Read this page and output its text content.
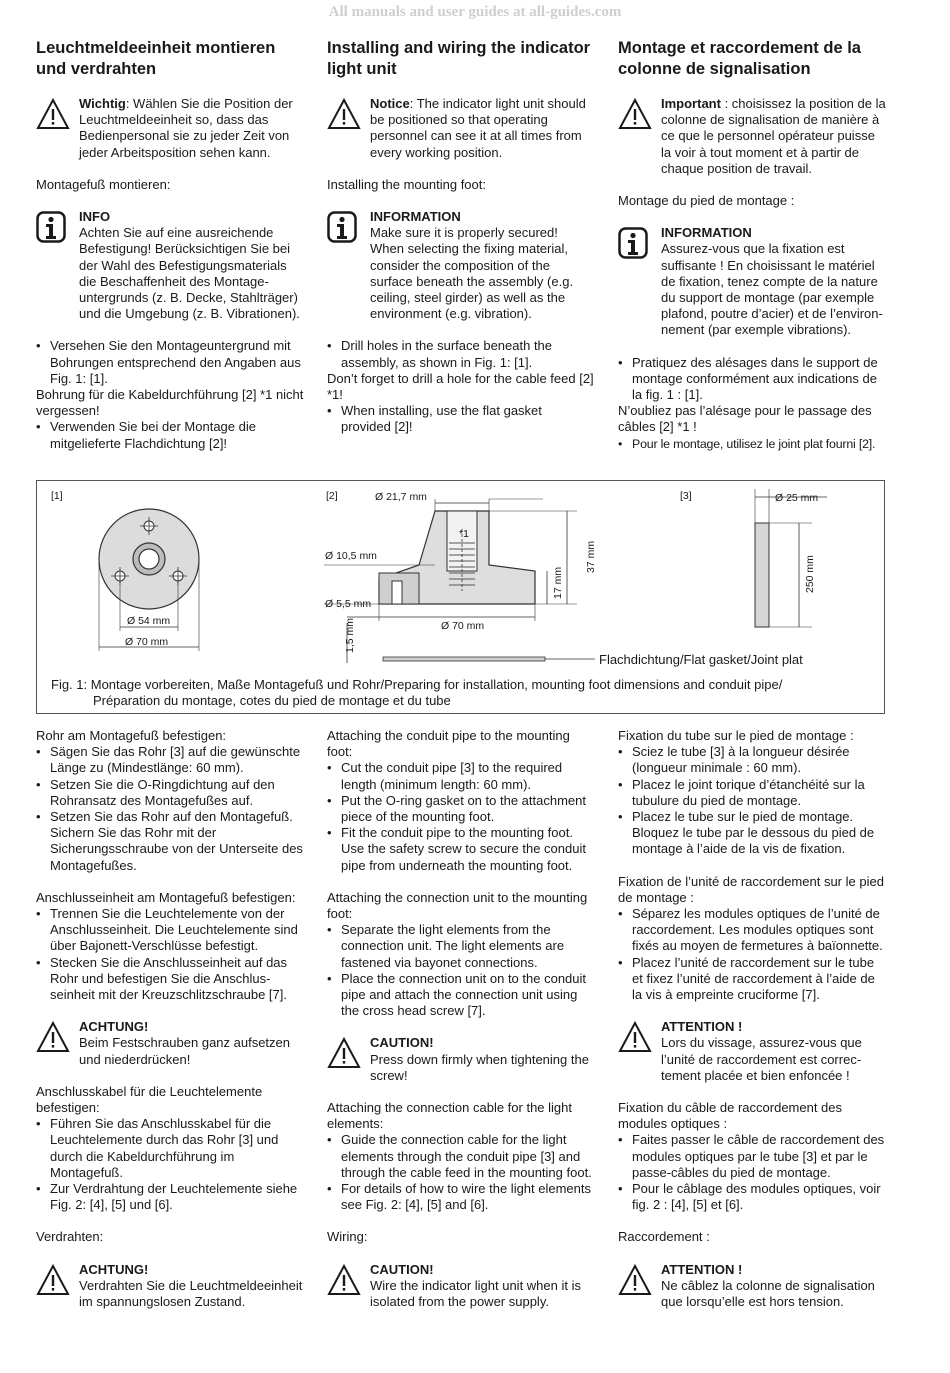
All manuals and user guides at all-guides.com
Leuchtmeldeeinheit montieren und verdrahten

Wichtig: Wählen Sie die Position der Leuchtmeldeeinheit so, dass das Bedienpersonal sie zu jeder Zeit von jeder Arbeitsposition sehen kann.

Montagefuß montieren:

INFO

Achten Sie auf eine ausreichende Befestigung! Berücksichtigen Sie bei der Wahl des Befestigungsmaterials die Beschaffenheit des Montageuntergrunds (z. B. Decke, Stahlträger) und die Umgebung (z. B. Vibrationen).

• Versehen Sie den Montageuntergrund mit Bohrungen entsprechend den Angaben aus Fig. 1: [1].

Bohrung für die Kabeldurchführung [2] *1 nicht vergessen!

• Verwenden Sie bei der Montage die mitgelieferte Flachdichtung [2]!
Installing and wiring the indicator light unit

Notice: The indicator light unit should be positioned so that operating personnel can see it at all times from every working position.

Installing the mounting foot:

INFORMATION

Make sure it is properly secured! When selecting the fixing material, consider the composition of the surface beneath the assembly (e.g. ceiling, steel girder) as well as the environment (e.g. vibration).

• Drill holes in the surface beneath the assembly, as shown in Fig. 1: [1].

Don’t forget to drill a hole for the cable feed [2] *1!

• When installing, use the flat gasket provided [2]!
Montage et raccordement de la colonne de signalisation

Important : choisissez la position de la colonne de signalisation de manière à ce que le personnel opérateur puisse la voir à tout moment et à partir de chaque position de travail.

Montage du pied de montage :

INFORMATION

Assurez-vous que la fixation est suffisante ! En choisissant le matériel de fixation, tenez compte de la nature du support de montage (par exemple plafond, poutre d’acier) et de l’environnement (par exemple vibrations).

• Pratiquez des alésages dans le support de montage conformément aux indications de la fig. 1 : [1].

N’oubliez pas l’alésage pour le passage des câbles [2] *1 !

• Pour le montage, utilisez le joint plat fourni [2].
[1]
Ø 54 mm
Ø 70 mm
[2]	Ø 21,7 mm
*1
Ø 10,5 mm
Ø 5,5 mm
Ø 70 mm
37 mm
17 mm
1,5 mm
Flachdichtung/Flat gasket/Joint plat
[3]	Ø 25 mm
250 mm
Fig. 1: Montage vorbereiten, Maße Montagefuß und Rohr/Preparing for installation, mounting foot dimensions and conduit pipe/
Préparation du montage, cotes du pied de montage et du tube

Rohr am Montagefuß befestigen:

• Sägen Sie das Rohr [3] auf die gewünschte Länge zu (Mindestlänge: 60 mm).
• Setzen Sie die O-Ringdichtung auf den Rohransatz des Montagefußes auf.
• Setzen Sie das Rohr auf den Montagefuß. Sichern Sie das Rohr mit der Sicherungsschraube von der Unterseite des Montagefußes.

Anschlusseinheit am Montagefuß befestigen:

• Trennen Sie die Leuchtelemente von der Anschlusseinheit. Die Leuchtelemente sind über Bajonett-Verschlüsse befestigt.
• Stecken Sie die Anschlusseinheit auf das Rohr und befestigen Sie die Anschlusseinheit mit der Kreuzschlitzschraube [7].

ACHTUNG!

Beim Festschrauben ganz aufsetzen und niederdrücken!

Anschlusskabel für die Leuchtelemente befestigen:

• Führen Sie das Anschlusskabel für die Leuchtelemente durch das Rohr [3] und durch die Kabeldurchführung im Montagefuß.
• Zur Verdrahtung der Leuchtelemente siehe Fig. 2: [4], [5] und [6].

Verdrahten:

ACHTUNG!

Verdrahten Sie die Leuchtmeldeeinheit im spannungslosen Zustand.

Attaching the conduit pipe to the mounting foot:

• Cut the conduit pipe [3] to the required length (minimum length: 60 mm).
• Put the O-ring gasket on to the attachment piece of the mounting foot.
• Fit the conduit pipe to the mounting foot. Use the safety screw to secure the conduit pipe from underneath the mounting foot.

Attaching the connection unit to the mounting foot:

• Separate the light elements from the connection unit. The light elements are fastened via bayonet connections.
• Place the connection unit on to the conduit pipe and attach the connection unit using the cross head screw [7].

CAUTION!

Press down firmly when tightening the screw!

Attaching the connection cable for the light elements:

• Guide the connection cable for the light elements through the conduit pipe [3] and through the cable feed in the mounting foot.
• For details of how to wire the light elements see Fig. 2: [4], [5] and [6].

Wiring:

CAUTION!

Wire the indicator light unit when it is isolated from the power supply.

Fixation du tube sur le pied de montage :

• Sciez le tube [3] à la longueur désirée (longueur minimale : 60 mm).
• Placez le joint torique d’étanchéité sur la tubulure du pied de montage.
• Placez le tube sur le pied de montage. Bloquez le tube par le dessous du pied de montage à l’aide de la vis de fixation.

Fixation de l’unité de raccordement sur le pied de montage :

• Séparez les modules optiques de l’unité de raccordement. Les modules optiques sont fixés au moyen de fermetures à baïonnette.
• Placez l’unité de raccordement sur le tube et fixez l’unité de raccordement à l’aide de la vis à empreinte cruciforme [7].

ATTENTION !

Lors du vissage, assurez-vous que l’unité de raccordement est correctement placée et bien enfoncée !

Fixation du câble de raccordement des modules optiques :

• Faites passer le câble de raccordement des modules optiques par le tube [3] et par le passe-câbles du pied de montage.
• Pour le câblage des modules optiques, voir fig. 2 : [4], [5] et [6].

Raccordement :

ATTENTION !

Ne câblez la colonne de signalisation que lorsqu’elle est hors tension.
